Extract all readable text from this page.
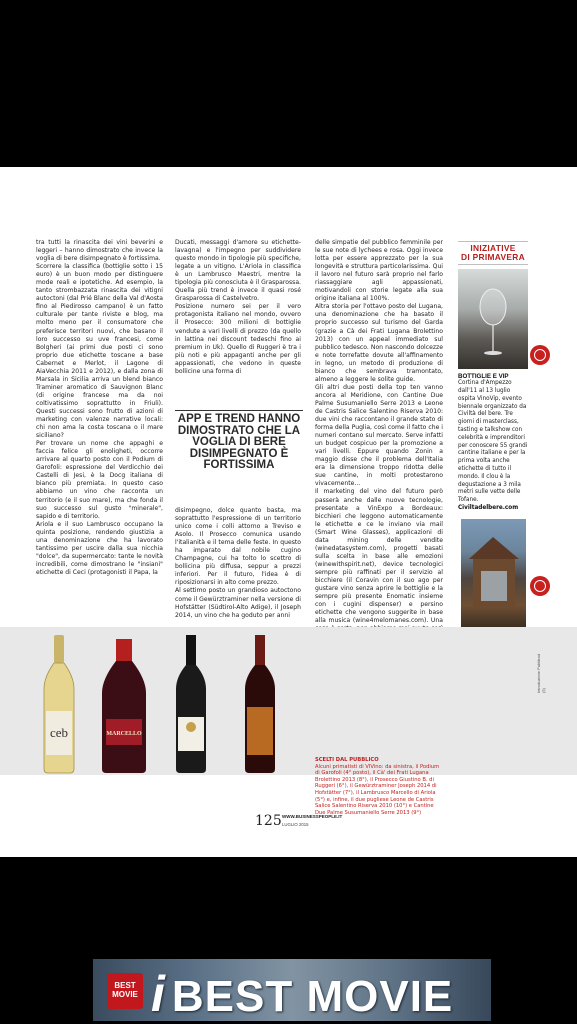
tra tutti la rinascita dei vini beverini e leggeri – hanno dimostrato che invece la voglia di bere disimpegnato è fortissima.

Scorrere la classifica (bottiglie sotto i 15 euro) è un buon modo per distinguere mode reali e ipotetiche. Ad esempio, la tanto strombazzata rinascita dei vitigni autoctoni (dal Prié Blanc della Val d'Aosta fino al Piedirosso campano) è un fatto culturale per tante riviste e blog, ma molto meno per il consumatore che preferisce territori nuovi, che basano il loro successo su uve francesi, come Bolgheri (ai primi due posti ci sono proprio due etichette toscane a base Cabernet e Merlot, il Lagone di AiaVecchia 2011 e 2012), e dalla zona di Marsala in Sicilia arriva un blend bianco Traminer aromatico di Sauvignon Blanc (di origine francese ma da noi coltivatissimo soprattutto in Friuli). Questi successi sono frutto di azioni di marketing con valenze narrative locali: chi non ama la costa toscana o il mare siciliano?

Per trovare un nome che appaghi e faccia felice gli enoligheti, occorre arrivare al quarto posto con il Podium di Garofoli: espressione del Verdicchio dei Castelli di Jesi, è la Docg italiana di bianco più premiata. In questo caso abbiamo un vino che racconta un territorio (e il suo mare), ma che fonda il suo successo sul gusto "minerale", sapido e di territorio.

Ariola e il suo Lambrusco occupano la quinta posizione, rendendo giustizia a una denominazione che ha lavorato tantissimo per uscire dalla sua nicchia "dolce", da supermercato: tante le novità incredibili, come dimostrano le "insiani" etichette di Ceci (protagonisti il Papa, la

Ducati, messaggi d'amore su etichette-lavagna) e l'impegno per suddividere questo mondo in tipologie più specifiche, legate a un vitigno. L'Ariola in classifica è un Lambrusco Maestri, mentre la tipologia più conosciuta è il Grasparossa. Quella più trend è invece il quasi rosé Grasparossa di Castelvetro.

Posizione numero sei per il vero protagonista italiano nel mondo, ovvero il Prosecco: 300 milioni di bottiglie vendute a vari livelli di prezzo (da quello in lattina nei discount tedeschi fino ai premium in Uk). Quello di Ruggeri è tra i più noti e più appaganti anche per gli appassionati, che vedono in queste bollicine una forma di

APP E TREND HANNO DIMOSTRATO CHE LA VOGLIA DI BERE DISIMPEGNATO È FORTISSIMA

disimpegno, dolce quanto basta, ma soprattutto l'espressione di un territorio unico come i colli attorno a Treviso e Asolo. Il Prosecco comunica usando l'italianità e il tema delle feste. In questo ha imparato dal nobile cugino Champagne, cui ha tolto lo scettro di bollicina più diffusa, seppur a prezzi inferiori. Per il futuro, l'idea è di riposizionarsi in alto come prezzo.

Al settimo posto un grandioso autoctono come il Gewürztraminer nella versione di Hofstätter (Südtirol-Alto Adige), il Joseph 2014, un vino che ha goduto per anni

delle simpatie del pubblico femminile per le sue note di lychees e rosa. Oggi invece lotta per essere apprezzato per la sua longevità e struttura particolarissima. Qui il lavoro nel futuro sarà proprio nel farlo riassaggiare agli appassionati, motivandoli con storie legate alla sua origine italiana al 100%.

Altra storia per l'ottavo posto del Lugana, una denominazione che ha basato il proprio successo sul turismo del Garda (grazie a Cà dei Frati Lugana Brolettino 2013) con un appeal immediato sul pubblico tedesco. Non nascondo dolcezze e note torrefatte dovute all'affinamento in legno, un metodo di produzione di bianco che sembrava tramontato, almeno a leggere le solite guide.

Gli altri due posti della top ten vanno ancora al Meridione, con Cantine Due Palme Susumaniello Serre 2013 e Leone de Castris Salice Salentino Riserva 2010: due vini che raccontano il grande stato di forma della Puglia, così come il fatto che i numeri contano sul mercato. Serve infatti un budget cospicuo per la promozione a vari livelli. Eppure quando Zonin a maggio disse che il problema dell'Italia era la dimensione troppo ridotta delle sue cantine, in molti protestarono vivacemente...

Il marketing del vino del futuro però passerà anche dalle nuove tecnologie, presentate a VinExpo a Bordeaux: bicchieri che leggono automaticamente le etichette e ce le inviano via mail (Smart Wine Glasses), applicazioni di data mining delle vendite (winedatasystem.com), progetti basati sulla scelta in base alle emozioni (winewithspirit.net), device tecnologici sempre più raffinati per il servizio al bicchiere (il Coravin con il suo ago per gustare vino senza aprire le bottiglie e la sempre più presente Enomatic insieme con i cugini dispenser) e persino etichette che vengono suggerite in base alla musica (wine4melomanes.com). Una

INIZIATIVE
DI PRIMAVERA
BOTTIGLIE E VIP
Cortina d'Ampezzo dall'11 al 13 luglio ospita VinoVip, evento biennale organizzato da Civiltà del bere. Tre giorni di masterclass, tasting e talkshow con celebrità e imprenditori per conoscere 55 grandi cantine italiane e per la prima volta anche etichette di tutto il mondo. Il clou è la degustazione a 3 mila metri sulle vette delle Tofane. Civiltadelbere.com
ceb	MARCELLO
SCELTI DAL PUBBLICO
Alcuni primatisti di VIVino: da sinistra, il Podium di Garofoli (4° posto), il Cà' dei Frati Lugana Brolettino 2013 (8°), il Prosecco Giustino B. di Ruggeri (6°), il Gewürztraminer Joseph 2014 di Hofstätter (7°), il Lambrusco Marcello di Ariola (5°) e, infine, il due pugliese Leone de Castris Salice Salentino Riserva 2010 (10°) e Cantine Due Palme Susumaniello Serre 2013 (9°)
125 WWW.BUSINESSPEOPLE.IT
LUGLIO 2015
Introduzione Publitrad (5)
BEST
MOVIE i BEST MOVIE
